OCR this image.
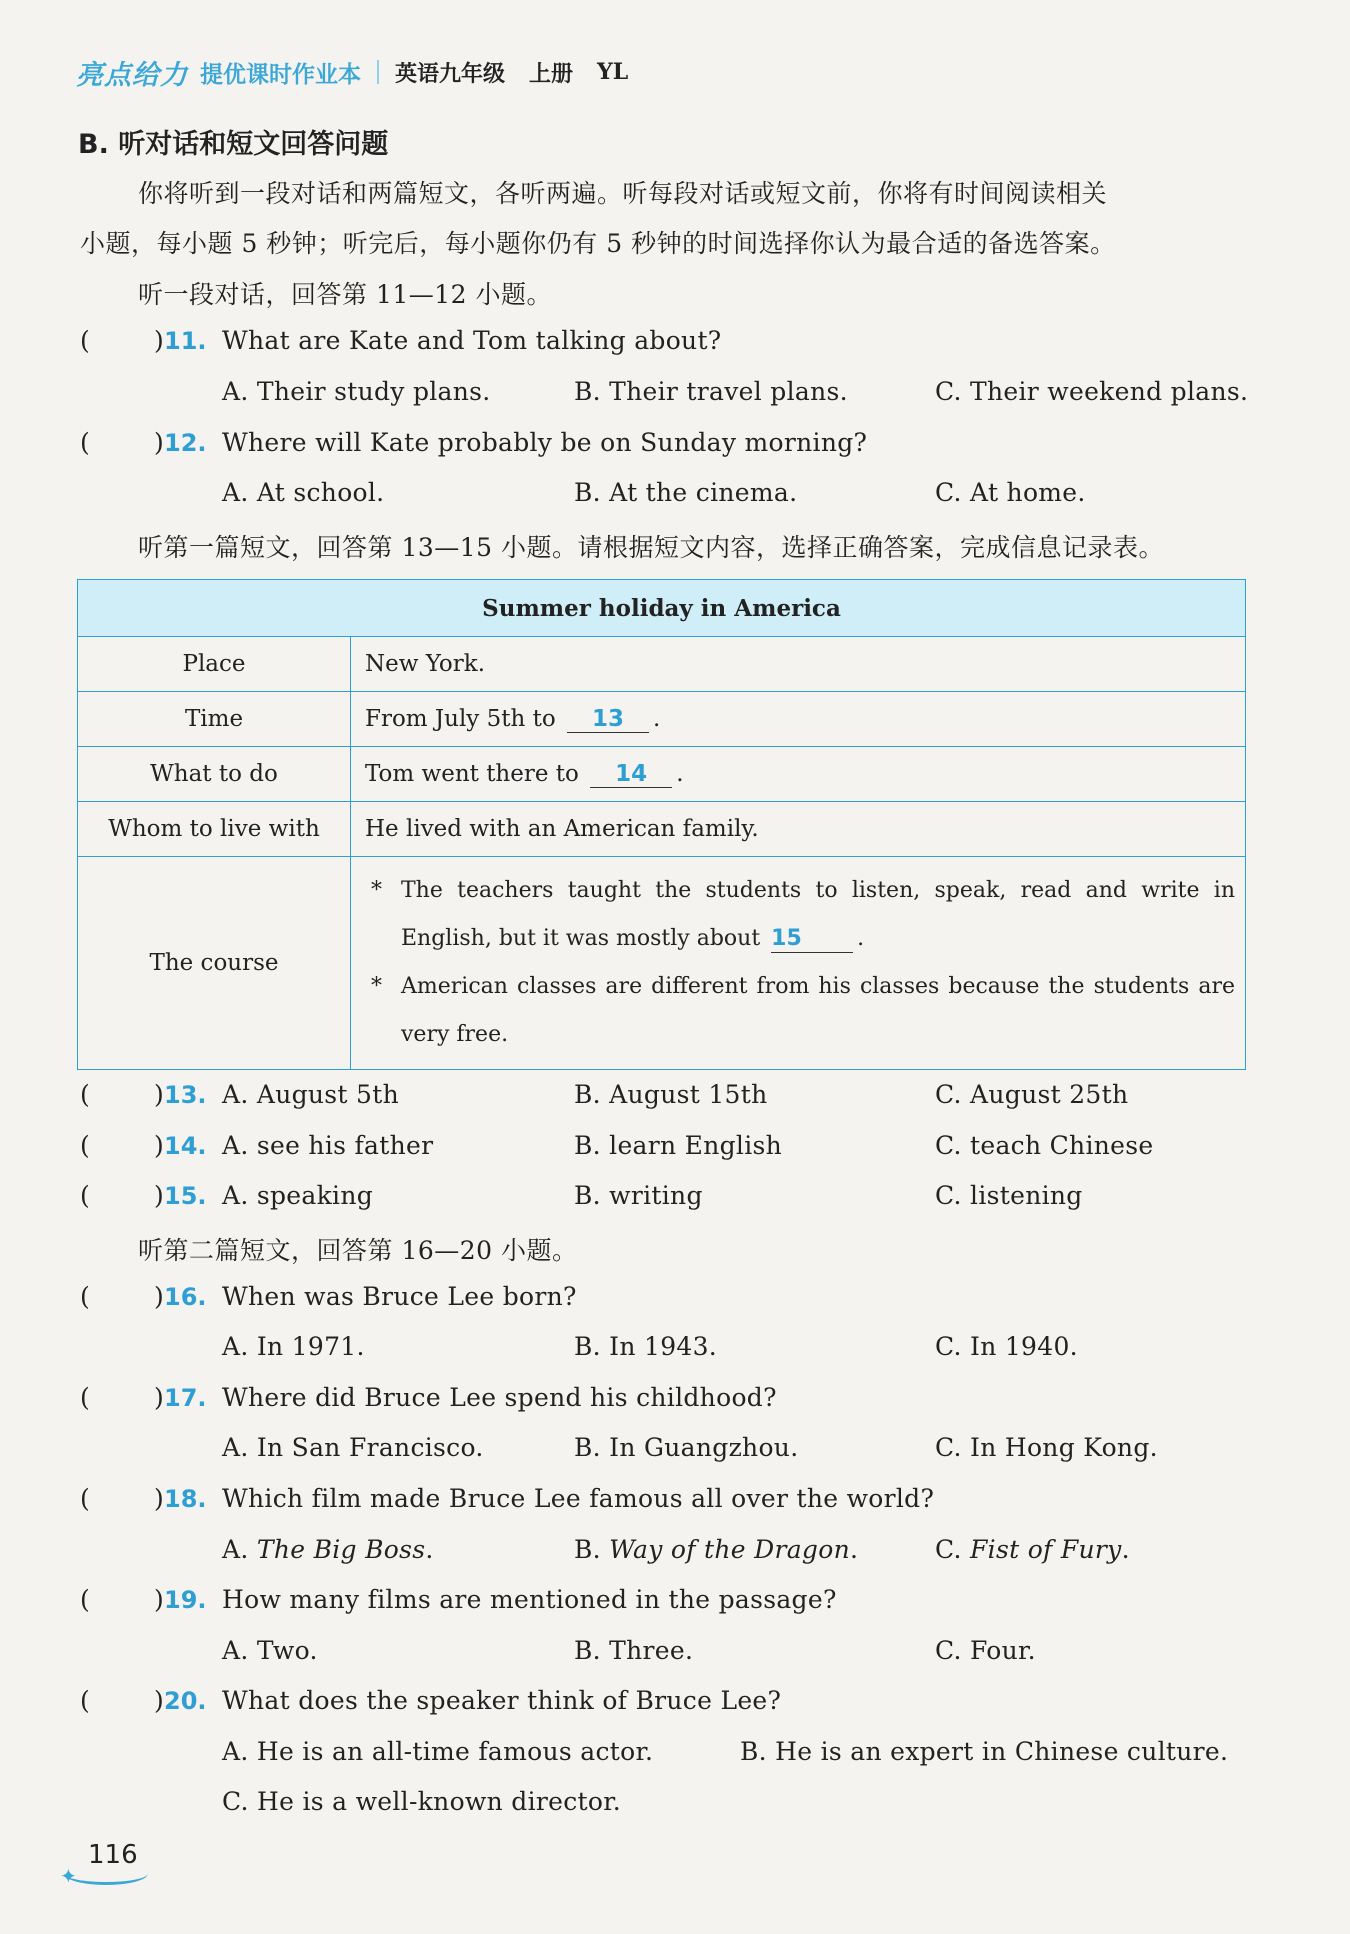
亮点给力 提优课时作业本 英语九年级 上册 YL
B. 听对话和短文回答问题
你将听到一段对话和两篇短文，各听两遍。听每段对话或短文前，你将有时间阅读相关
小题，每小题 5 秒钟；听完后，每小题你仍有 5 秒钟的时间选择你认为最合适的备选答案。
听一段对话，回答第 11—12 小题。
(	) 11. What are Kate and Tom talking about?
A. Their study plans.	B. Their travel plans.	C. Their weekend plans.
(	) 12. Where will Kate probably be on Sunday morning?
A. At school.	B. At the cinema.	C. At home.
听第一篇短文，回答第 13—15 小题。请根据短文内容，选择正确答案，完成信息记录表。
Summer holiday in America	
Place	New York.
Time	From July 5th to 13 .
What to do	Tom went there to 14 .
Whom to live with	He lived with an American family.
The course	* The teachers taught the students to listen, speak, read and write in English, but it was mostly about 15 .
* American classes are different from his classes because the students are very free.
(	) 13. A. August 5th	B. August 15th	C. August 25th
(	) 14. A. see his father	B. learn English	C. teach Chinese
(	) 15. A. speaking	B. writing	C. listening
听第二篇短文，回答第 16—20 小题。
(	) 16. When was Bruce Lee born?
A. In 1971.	B. In 1943.	C. In 1940.
(	) 17. Where did Bruce Lee spend his childhood?
A. In San Francisco.	B. In Guangzhou.	C. In Hong Kong.
(	) 18. Which film made Bruce Lee famous all over the world?
A. The Big Boss.	B. Way of the Dragon.	C. Fist of Fury.
(	) 19. How many films are mentioned in the passage?
A. Two.	B. Three.	C. Four.
(	) 20. What does the speaker think of Bruce Lee?
A. He is an all-time famous actor.	B. He is an expert in Chinese culture.
C. He is a well-known director.
✦
116
